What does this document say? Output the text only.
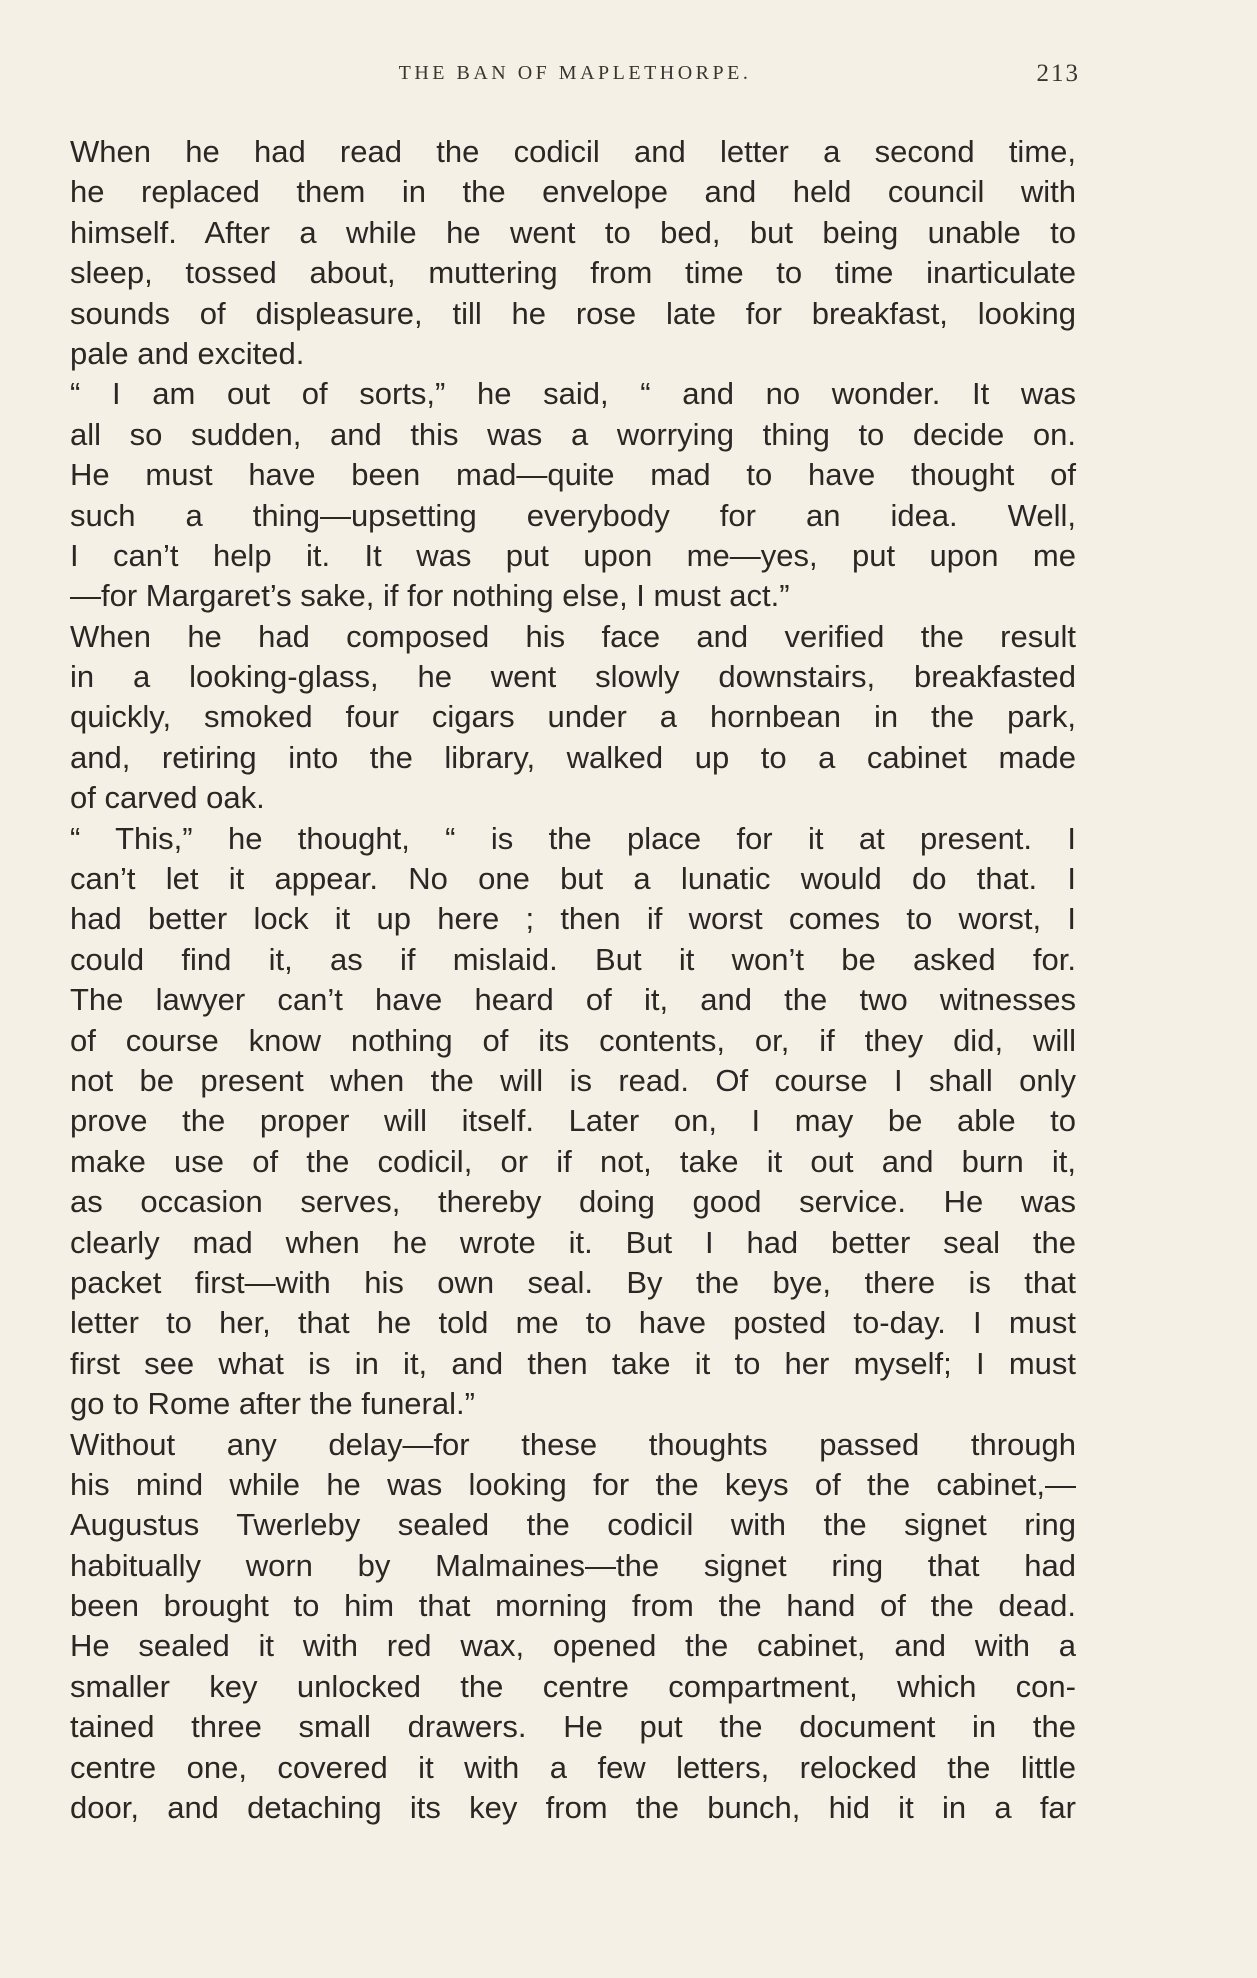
THE BAN OF MAPLETHORPE.	213
When he had read the codicil and letter a second time,
he replaced them in the envelope and held council with
himself. After a while he went to bed, but being unable to
sleep, tossed about, muttering from time to time inarticulate
sounds of displeasure, till he rose late for breakfast, looking
pale and excited.
“ I am out of sorts,” he said, “ and no wonder. It was
all so sudden, and this was a worrying thing to decide on.
He must have been mad—quite mad to have thought of
such a thing—upsetting everybody for an idea. Well,
I can’t help it. It was put upon me—yes, put upon me
—for Margaret’s sake, if for nothing else, I must act.”
When he had composed his face and verified the result
in a looking-glass, he went slowly downstairs, breakfasted
quickly, smoked four cigars under a hornbean in the park,
and, retiring into the library, walked up to a cabinet made
of carved oak.
“ This,” he thought, “ is the place for it at present. I
can’t let it appear. No one but a lunatic would do that. I
had better lock it up here ; then if worst comes to worst, I
could find it, as if mislaid. But it won’t be asked for.
The lawyer can’t have heard of it, and the two witnesses
of course know nothing of its contents, or, if they did, will
not be present when the will is read. Of course I shall only
prove the proper will itself. Later on, I may be able to
make use of the codicil, or if not, take it out and burn it,
as occasion serves, thereby doing good service. He was
clearly mad when he wrote it. But I had better seal the
packet first—with his own seal. By the bye, there is that
letter to her, that he told me to have posted to-day. I must
first see what is in it, and then take it to her myself; I must
go to Rome after the funeral.”
Without any delay—for these thoughts passed through
his mind while he was looking for the keys of the cabinet,—
Augustus Twerleby sealed the codicil with the signet ring
habitually worn by Malmaines—the signet ring that had
been brought to him that morning from the hand of the dead.
He sealed it with red wax, opened the cabinet, and with a
smaller key unlocked the centre compartment, which con-
tained three small drawers. He put the document in the
centre one, covered it with a few letters, relocked the little
door, and detaching its key from the bunch, hid it in a far
